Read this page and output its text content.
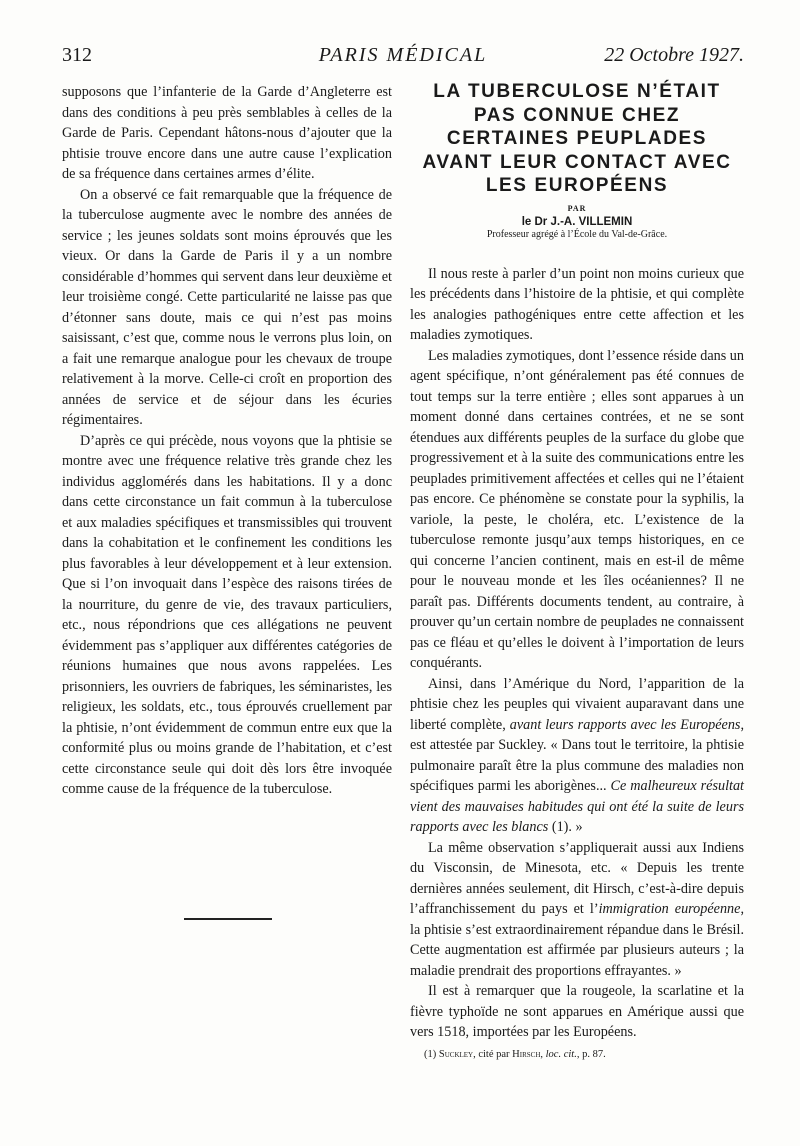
312	PARIS MÉDICAL	22 Octobre 1927.

supposons que l’infanterie de la Garde d’Angleterre est dans des conditions à peu près semblables à celles de la Garde de Paris. Cependant hâtons-nous d’ajouter que la phtisie trouve encore dans une autre cause l’explication de sa fréquence dans certaines armes d’élite.

On a observé ce fait remarquable que la fréquence de la tuberculose augmente avec le nombre des années de service ; les jeunes soldats sont moins éprouvés que les vieux. Or dans la Garde de Paris il y a un nombre considérable d’hommes qui servent dans leur deuxième et leur troisième congé. Cette particularité ne laisse pas que d’étonner sans doute, mais ce qui n’est pas moins saisissant, c’est que, comme nous le verrons plus loin, on a fait une remarque analogue pour les chevaux de troupe relativement à la morve. Celle-ci croît en proportion des années de service et de séjour dans les écuries régimentaires.

D’après ce qui précède, nous voyons que la phtisie se montre avec une fréquence relative très grande chez les individus agglomérés dans les habitations. Il y a donc dans cette circonstance un fait commun à la tuberculose et aux maladies spécifiques et transmissibles qui trouvent dans la cohabitation et le confinement les conditions les plus favorables à leur développement et à leur extension. Que si l’on invoquait dans l’espèce des raisons tirées de la nourriture, du genre de vie, des travaux particuliers, etc., nous répondrions que ces allégations ne peuvent évidemment pas s’appliquer aux différentes catégories de réunions humaines que nous avons rappelées. Les prisonniers, les ouvriers de fabriques, les séminaristes, les religieux, les soldats, etc., tous éprouvés cruellement par la phtisie, n’ont évidemment de commun entre eux que la conformité plus ou moins grande de l’habitation, et c’est cette circonstance seule qui doit dès lors être invoquée comme cause de la fréquence de la tuberculose.

LA TUBERCULOSE N’ÉTAIT PAS CONNUE CHEZ CERTAINES PEUPLADES AVANT LEUR CONTACT AVEC LES EUROPÉENS
PAR
le Dr J.-A. VILLEMIN
Professeur agrégé à l’École du Val-de-Grâce.

Il nous reste à parler d’un point non moins curieux que les précédents dans l’histoire de la phtisie, et qui complète les analogies pathogéniques entre cette affection et les maladies zymotiques.

Les maladies zymotiques, dont l’essence réside dans un agent spécifique, n’ont généralement pas été connues de tout temps sur la terre entière ; elles sont apparues à un moment donné dans certaines contrées, et ne se sont étendues aux différents peuples de la surface du globe que progressivement et à la suite des communications entre les peuplades primitivement affectées et celles qui ne l’étaient pas encore. Ce phénomène se constate pour la syphilis, la variole, la peste, le choléra, etc. L’existence de la tuberculose remonte jusqu’aux temps historiques, en ce qui concerne l’ancien continent, mais en est-il de même pour le nouveau monde et les îles océaniennes? Il ne paraît pas. Différents documents tendent, au contraire, à prouver qu’un certain nombre de peuplades ne connaissent pas ce fléau et qu’elles le doivent à l’importation de leurs conquérants.

Ainsi, dans l’Amérique du Nord, l’apparition de la phtisie chez les peuples qui vivaient auparavant dans une liberté complète, avant leurs rapports avec les Européens, est attestée par Suckley. « Dans tout le territoire, la phtisie pulmonaire paraît être la plus commune des maladies non spécifiques parmi les aborigènes... Ce malheureux résultat vient des mauvaises habitudes qui ont été la suite de leurs rapports avec les blancs (1). »

La même observation s’appliquerait aussi aux Indiens du Visconsin, de Minesota, etc. « Depuis les trente dernières années seulement, dit Hirsch, c’est-à-dire depuis l’affranchissement du pays et l’immigration européenne, la phtisie s’est extraordinairement répandue dans le Brésil. Cette augmentation est affirmée par plusieurs auteurs ; la maladie prendrait des proportions effrayantes. »

Il est à remarquer que la rougeole, la scarlatine et la fièvre typhoïde ne sont apparues en Amérique aussi que vers 1518, importées par les Européens.

(1) Suckley, cité par Hirsch, loc. cit., p. 87.
